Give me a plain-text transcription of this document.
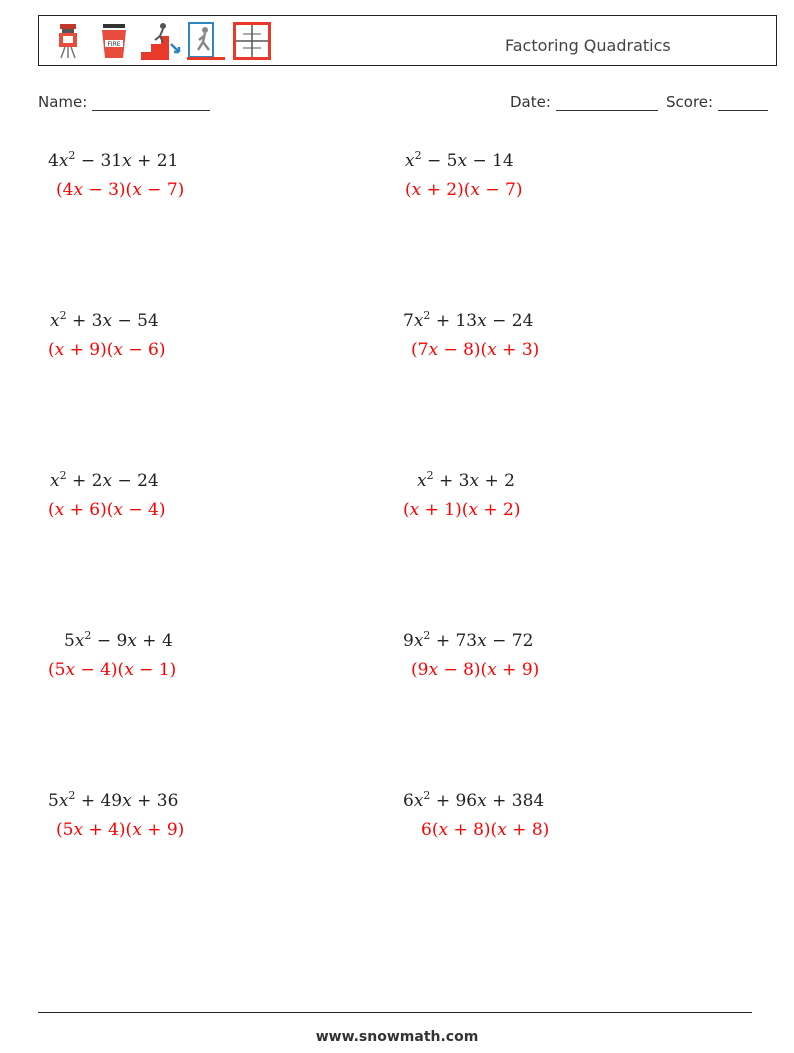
FIRE	Factoring Quadratics
Name:	Date:	Score:
$4x^2 - 31x + 21$
(4x − 3)(x − 7)
$x^2 - 5x - 14$
(x + 2)(x − 7)
$x^2 + 3x - 54$
(x + 9)(x − 6)
$7x^2 + 13x - 24$
(7x − 8)(x + 3)
$x^2 + 2x - 24$
(x + 6)(x − 4)
$x^2 + 3x + 2$
(x + 1)(x + 2)
$5x^2 - 9x + 4$
(5x − 4)(x − 1)
$9x^2 + 73x - 72$
(9x − 8)(x + 9)
$5x^2 + 49x + 36$
(5x + 4)(x + 9)
$6x^2 + 96x + 384$
6(x + 8)(x + 8)
www.snowmath.com
